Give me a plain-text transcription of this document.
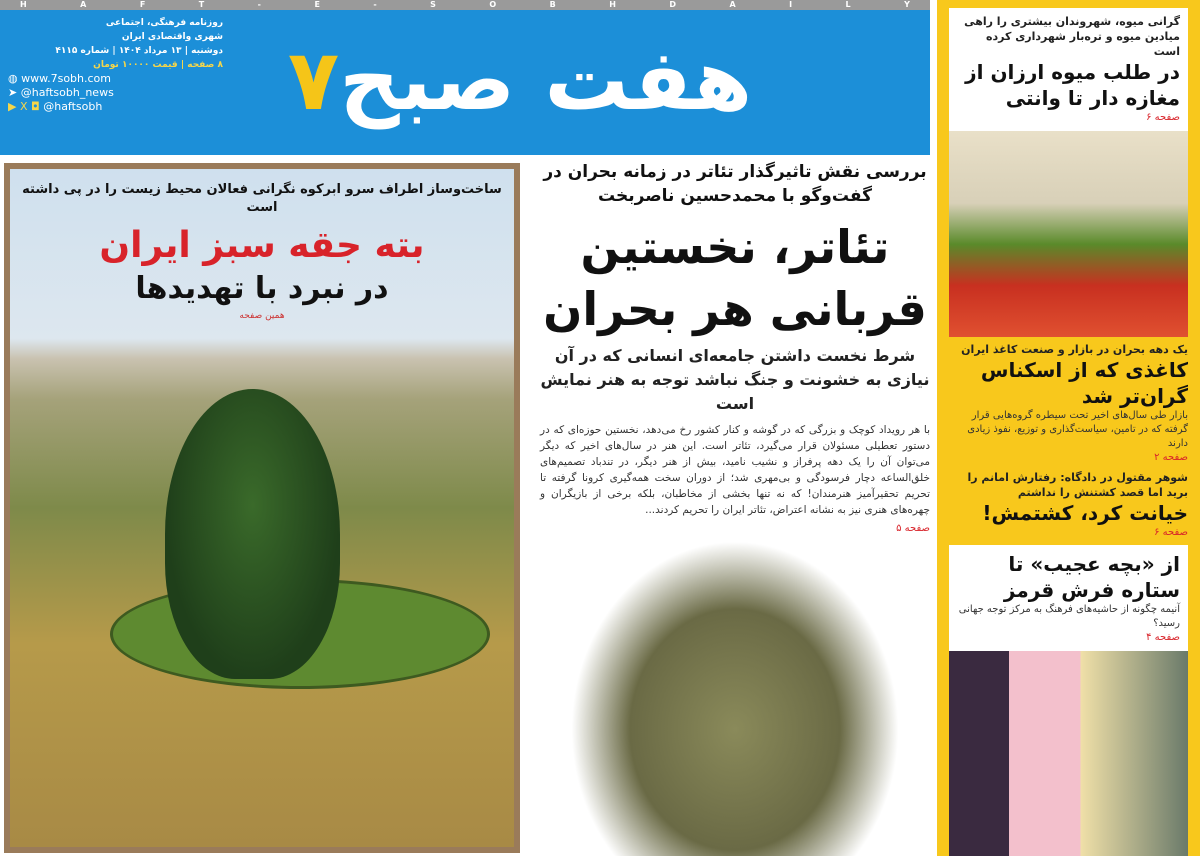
H	A	F	T	-	E	-	S	O	B	H	D	A	I	L	Y
روزنامه فرهنگی، اجتماعی
شهری واقتصادی ایران
دوشنبه | ۱۳ مرداد ۱۴۰۴ | شماره ۴۱۱۵
۸ صفحه | قیمت ۱۰۰۰۰ تومان
◍ www.7sobh.com
➤ @haftsobh_news
▶ X ◘ @haftsobh	هفت صبح۷
ساخت‌وساز اطراف سرو ابرکوه نگرانی فعالان محیط زیست را در پی داشته است
بته جقه سبز ایران
در نبرد با تهدیدها
همین صفحه
بررسی نقش تاثیرگذار تئاتر در زمانه بحران در گفت‌وگو با محمدحسین ناصربخت
تئاتر، نخستین قربانی هر بحران
شرط نخست داشتن جامعه‌ای انسانی که در آن نیازی به خشونت و جنگ نباشد توجه به هنر نمایش است
با هر رویداد کوچک و بزرگی که در گوشه و کنار کشور رخ می‌دهد، نخستین حوزه‌ای که در دستور تعطیلی مسئولان قرار می‌گیرد، تئاتر است. این هنر در سال‌های اخیر که دیگر می‌توان آن را یک دهه پرفراز و نشیب نامید، بیش از هنر دیگر، در تندباد تصمیم‌های خلق‌الساعه دچار فرسودگی و بی‌مهری شد؛ از دوران سخت همه‌گیری کرونا گرفته تا تحریم تحقیرآمیز هنرمندان! که نه تنها بخشی از مخاطبان، بلکه برخی از بازیگران و چهره‌های هنری نیز به نشانه اعتراض، تئاتر ایران را تحریم کردند...
صفحه ۵
گرانی میوه، شهروندان بیشتری را راهی میادین میوه و تره‌بار شهرداری کرده است
در طلب میوه ارزان از مغازه دار تا وانتی
صفحه ۶
یک دهه بحران در بازار و صنعت کاغذ ایران
کاغذی که از اسکناس گران‌تر شد
بازار طی سال‌های اخیر تحت سیطره گروه‌هایی قرار گرفته که در تامین، سیاست‌گذاری و توزیع، نفوذ زیادی دارند
صفحه ۲
شوهر مقتول در دادگاه: رفتارش امانم را برید اما قصد کشتنش را نداشتم
خیانت کرد، کشتمش!
صفحه ۶
از «بچه عجیب» تا ستاره فرش قرمز
آنیمه چگونه از حاشیه‌های فرهنگ به مرکز توجه جهانی رسید؟
صفحه ۴
